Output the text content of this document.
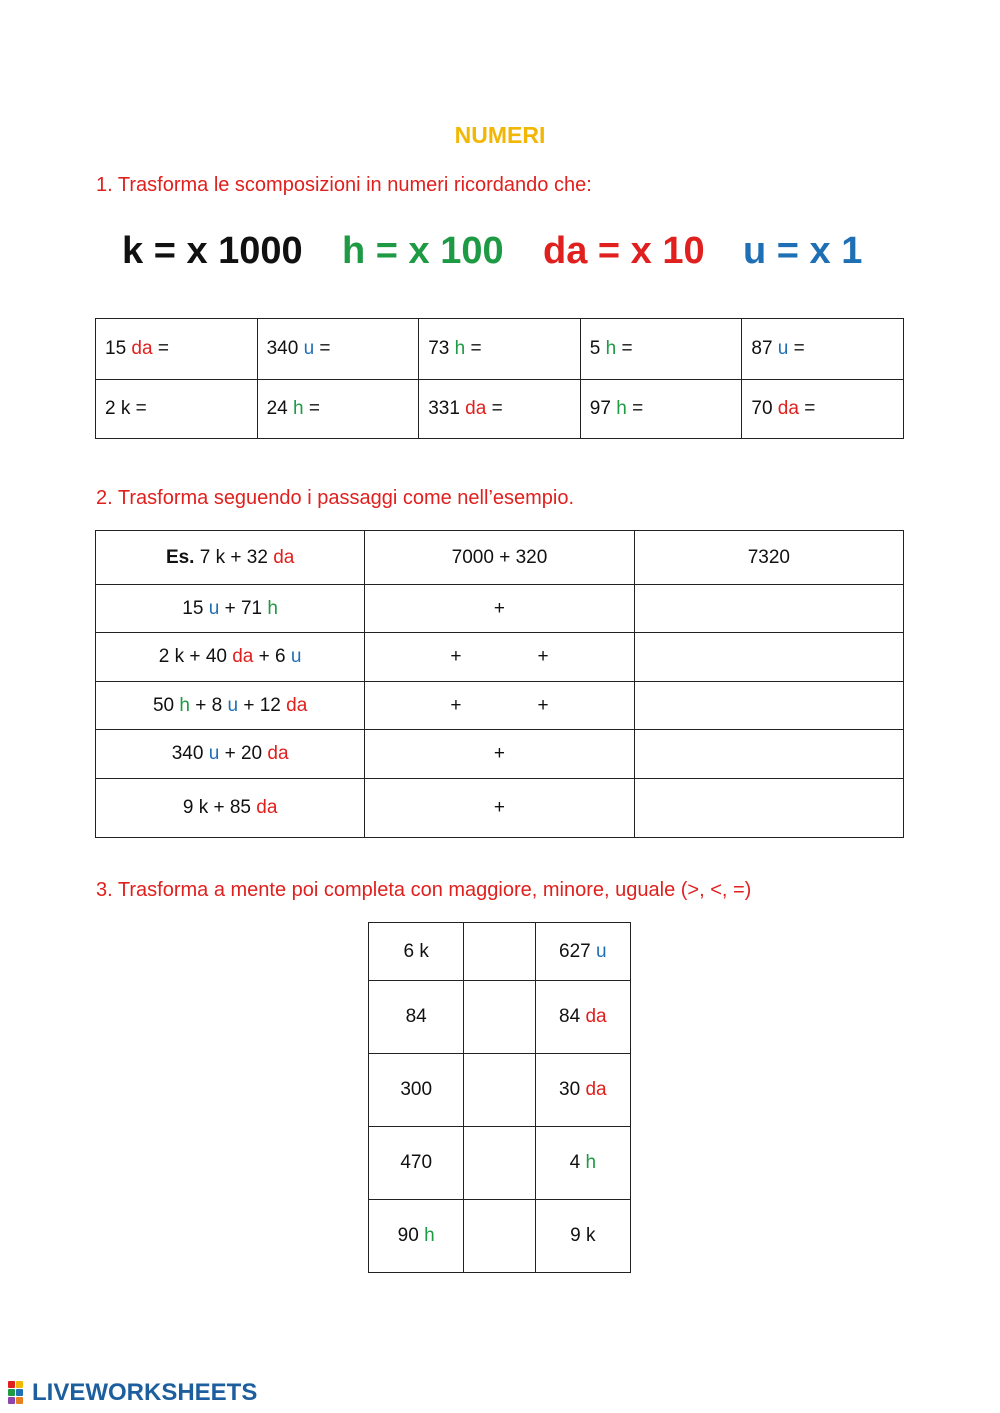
NUMERI
1. Trasforma le scomposizioni in numeri ricordando che:
k = x 1000 h = x 100 da = x 10 u = x 1
15 da =	340 u =	73 h =	5 h =	87 u =
2 k =	24 h =	331 da =	97 h =	70 da =
2. Trasforma seguendo i passaggi come nell’esempio.
Es. 7 k + 32 da	7000 + 320	7320
15 u + 71 h	+	
2 k + 40 da + 6 u	+ +	
50 h + 8 u + 12 da	+ +	
340 u + 20 da	+	
9 k + 85 da	+	
3. Trasforma a mente poi completa con maggiore, minore, uguale (>, <, =)
6 k		627 u
84		84 da
300		30 da
470		4 h
90 h		9 k
LIVEWORKSHEETS
